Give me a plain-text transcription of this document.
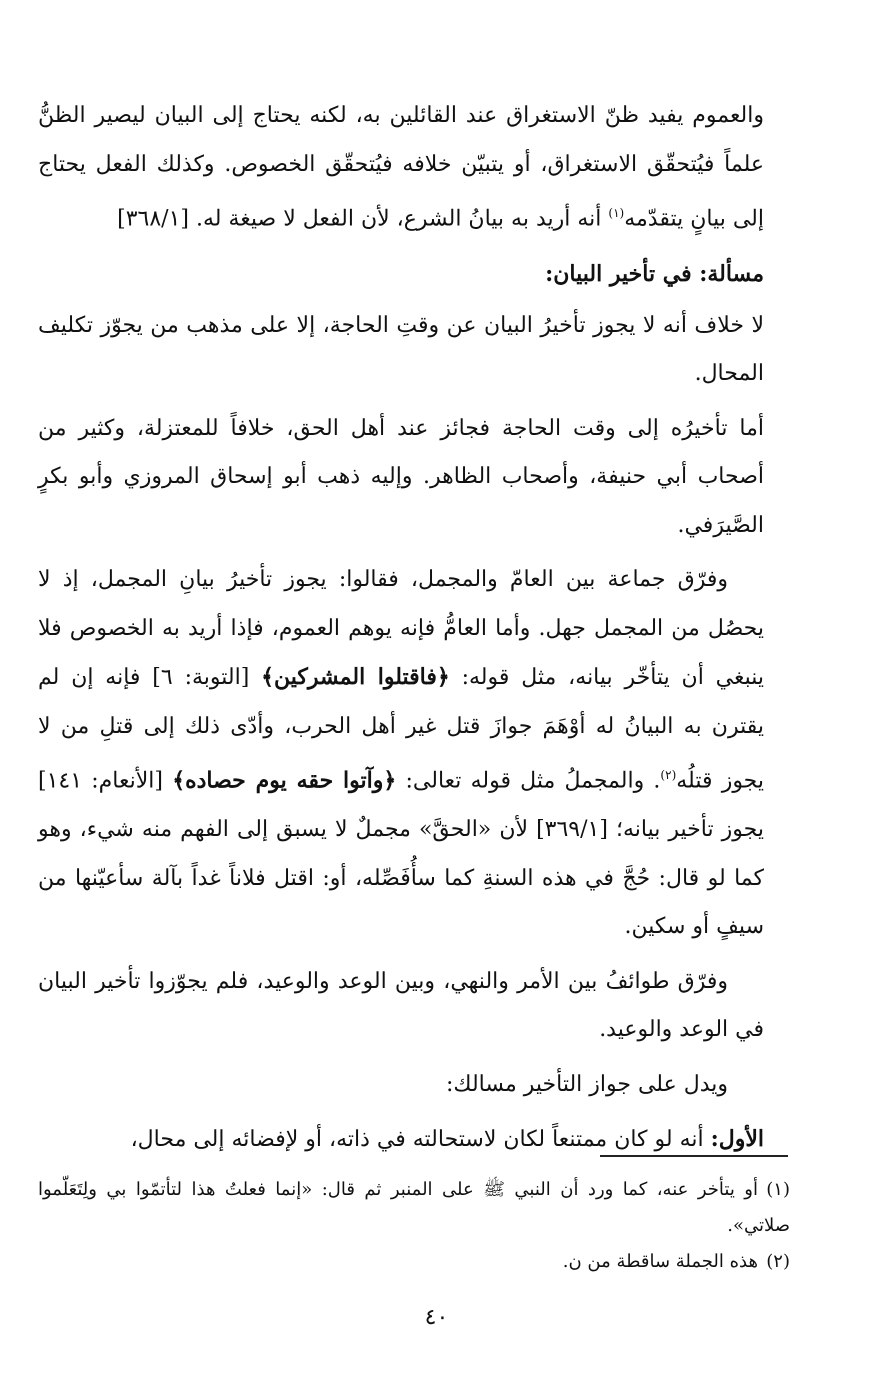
والعموم يفيد ظنّ الاستغراق عند القائلين به، لكنه يحتاج إلى البيان ليصير الظنُّ علماً فيُتحقّق الاستغراق، أو يتبيّن خلافه فيُتحقّق الخصوص. وكذلك الفعل يحتاج إلى بيانٍ يتقدّمه$^{(١)}$ أنه أريد به بيانُ الشرع، لأن الفعل لا صيغة له. [٣٦٨/١]

مسألة: في تأخير البيان:

لا خلاف أنه لا يجوز تأخيرُ البيان عن وقتِ الحاجة، إلا على مذهب من يجوّز تكليف المحال.

أما تأخيرُه إلى وقت الحاجة فجائز عند أهل الحق، خلافاً للمعتزلة، وكثير من أصحاب أبي حنيفة، وأصحاب الظاهر. وإليه ذهب أبو إسحاق المروزي وأبو بكرٍ الصَّيرَفي.

وفرّق جماعة بين العامّ والمجمل، فقالوا: يجوز تأخيرُ بيانِ المجمل، إذ لا يحصُل من المجمل جهل. وأما العامُّ فإنه يوهم العموم، فإذا أريد به الخصوص فلا ينبغي أن يتأخّر بيانه، مثل قوله: ﴿فاقتلوا المشركين﴾ [التوبة: ٦] فإنه إن لم يقترن به البيانُ له أوْهَمَ جوازَ قتل غير أهل الحرب، وأدّى ذلك إلى قتلِ من لا يجوز قتلُه$^{(٢)}$. والمجملُ مثل قوله تعالى: ﴿وآتوا حقه يوم حصاده﴾ [الأنعام: ١٤١] يجوز تأخير بيانه؛ [٣٦٩/١] لأن «الحقَّ» مجملٌ لا يسبق إلى الفهم منه شيء، وهو كما لو قال: حُجَّ في هذه السنةِ كما سأُفَصِّله، أو: اقتل فلاناً غداً بآلة سأعيّنها من سيفٍ أو سكين.

وفرّق طوائفُ بين الأمر والنهي، وبين الوعد والوعيد، فلم يجوّزوا تأخير البيان في الوعد والوعيد.

ويدل على جواز التأخير مسالك:

الأول: أنه لو كان ممتنعاً لكان لاستحالته في ذاته، أو لإفضائه إلى محال،

(١)أو يتأخر عنه، كما ورد أن النبي ﷺ على المنبر ثم قال: «إنما فعلتُ هذا لتأتمّوا بي ولِتَعَلّموا صلاتي».

(٢)هذه الجملة ساقطة من ن.

٤٠
